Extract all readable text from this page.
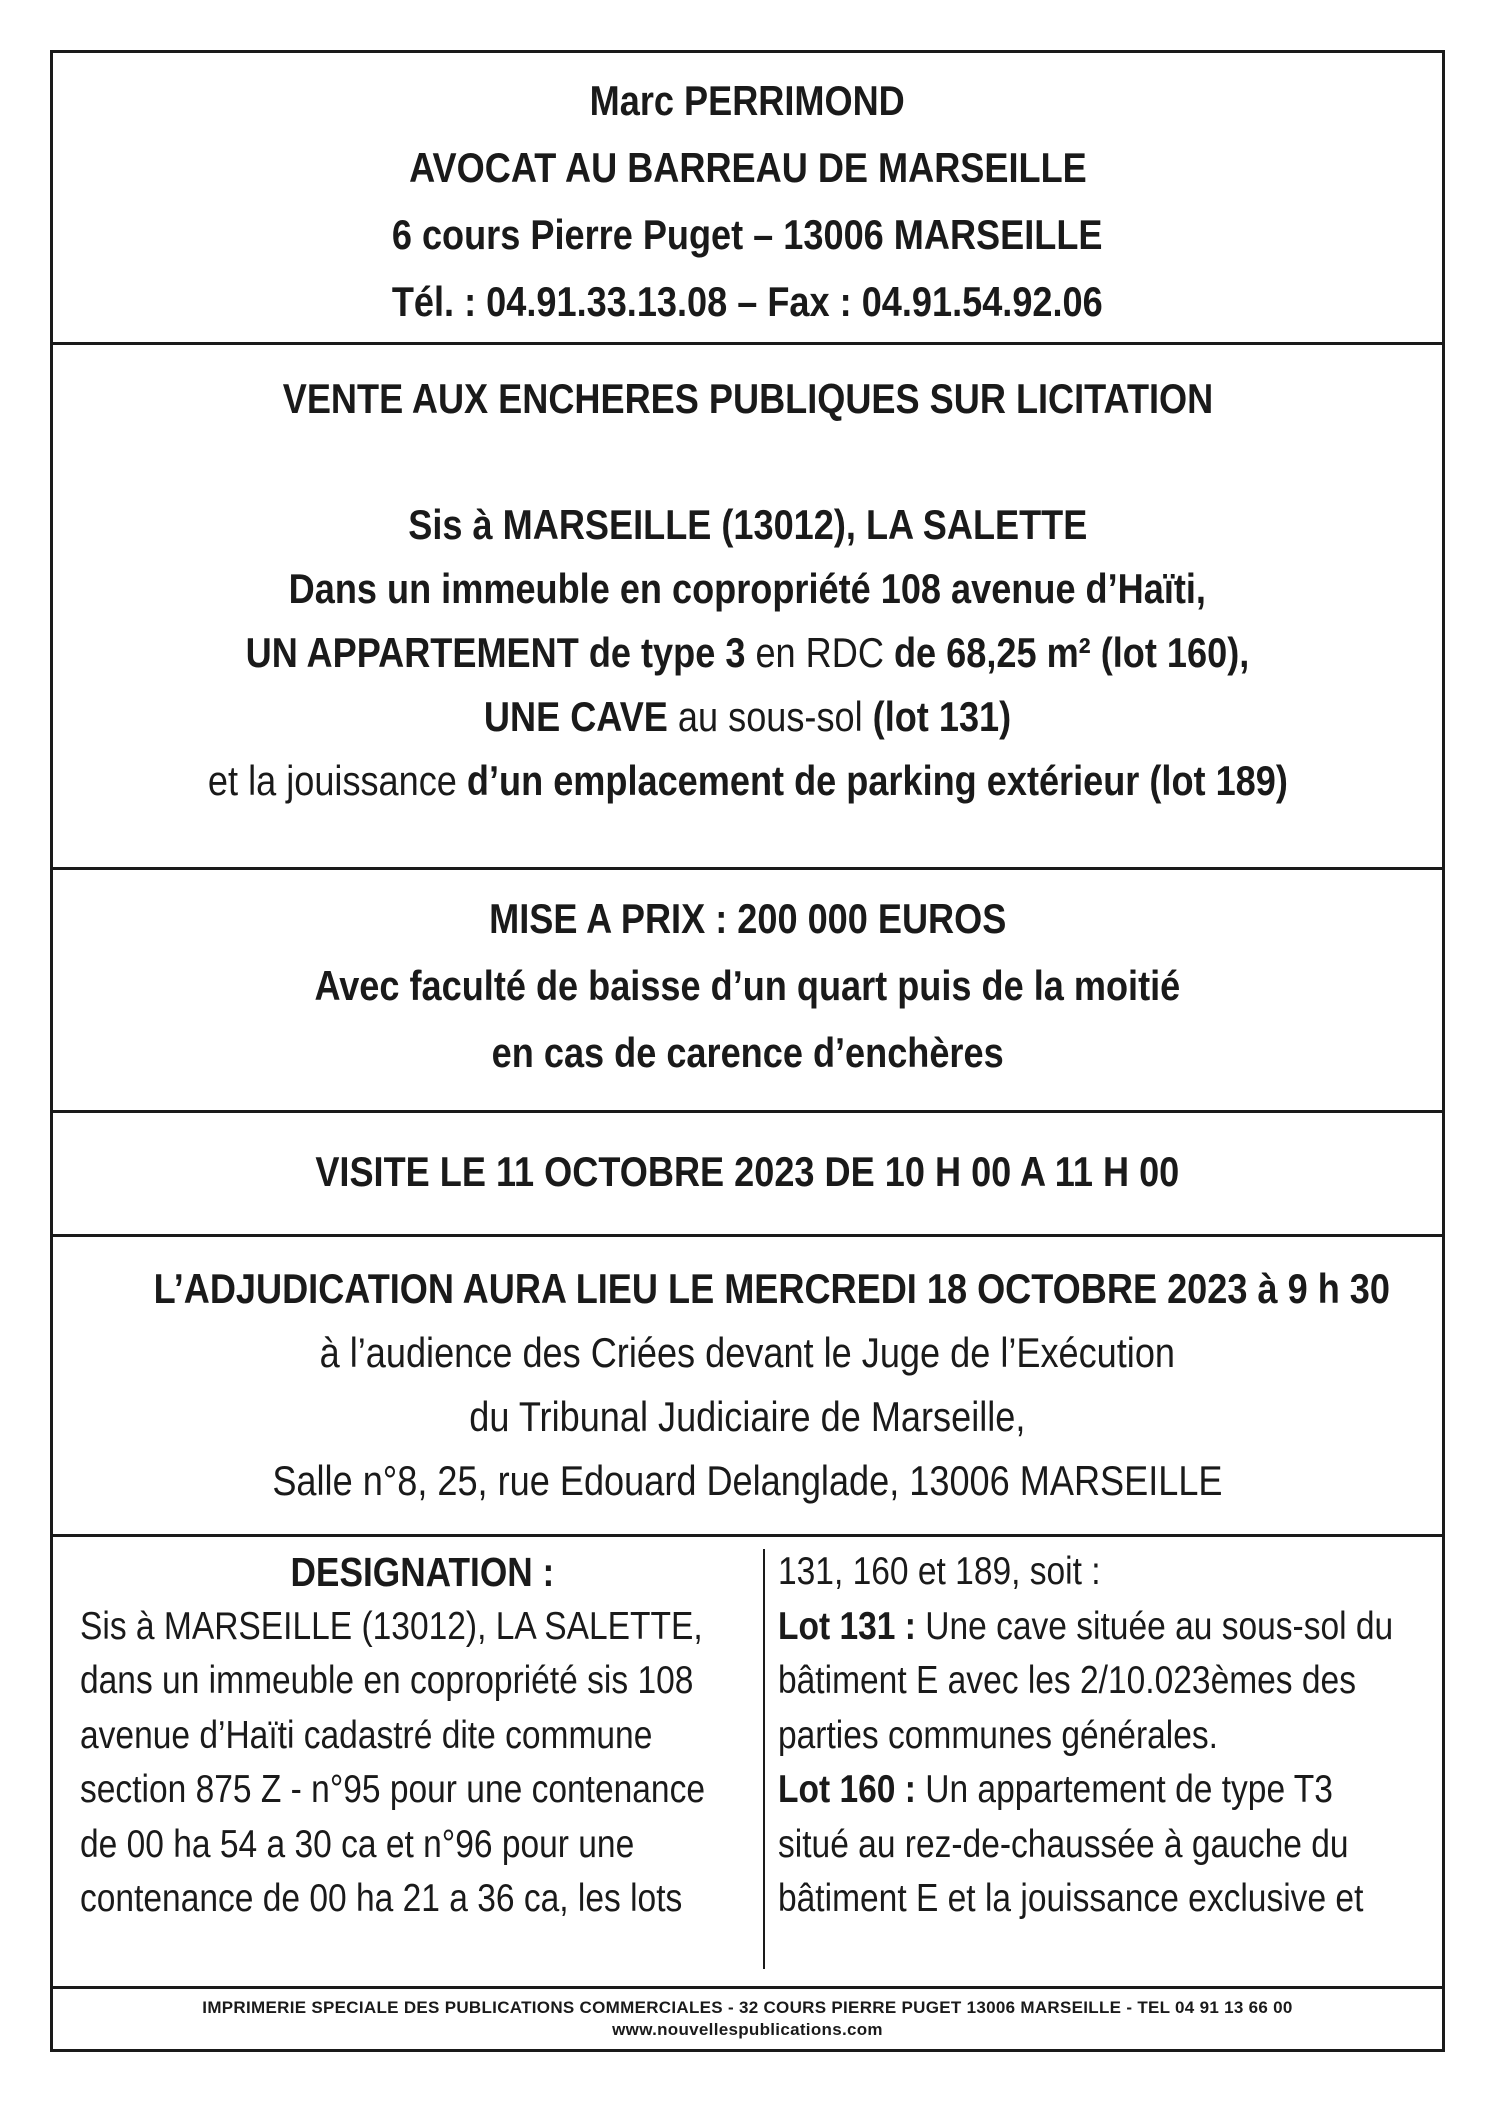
Marc PERRIMOND
AVOCAT AU BARREAU DE MARSEILLE
6 cours Pierre Puget – 13006 MARSEILLE
Tél. : 04.91.33.13.08 – Fax : 04.91.54.92.06
VENTE AUX ENCHERES PUBLIQUES SUR LICITATION
Sis à MARSEILLE (13012), LA SALETTE
Dans un immeuble en copropriété 108 avenue d’Haïti,
UN APPARTEMENT de type 3 en RDC de 68,25 m² (lot 160),
UNE CAVE au sous-sol (lot 131)
et la jouissance d’un emplacement de parking extérieur (lot 189)
MISE A PRIX : 200 000 EUROS
Avec faculté de baisse d’un quart puis de la moitié
en cas de carence d’enchères
VISITE LE 11 OCTOBRE 2023 DE 10 H 00 A 11 H 00
L’ADJUDICATION AURA LIEU LE MERCREDI 18 OCTOBRE 2023 à 9 h 30
à l’audience des Criées devant le Juge de l’Exécution
du Tribunal Judiciaire de Marseille,
Salle n°8, 25, rue Edouard Delanglade, 13006 MARSEILLE
DESIGNATION :
Sis à MARSEILLE (13012), LA SALETTE,
dans un immeuble en copropriété sis 108
avenue d’Haïti cadastré dite commune
section 875 Z - n°95 pour une contenance
de 00 ha 54 a 30 ca et n°96 pour une
contenance de 00 ha 21 a 36 ca, les lots
131, 160 et 189, soit :
Lot 131 : Une cave située au sous-sol du
bâtiment E avec les 2/10.023èmes des
parties communes générales.
Lot 160 : Un appartement de type T3
situé au rez-de-chaussée à gauche du
bâtiment E et la jouissance exclusive et
IMPRIMERIE SPECIALE DES PUBLICATIONS COMMERCIALES - 32 COURS PIERRE PUGET 13006 MARSEILLE - TEL 04 91 13 66 00
www.nouvellespublications.com
